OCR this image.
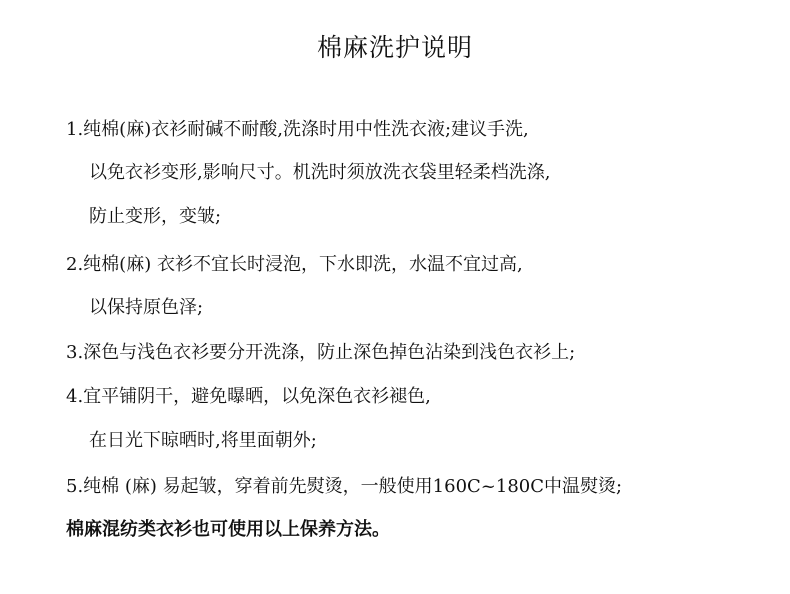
棉麻洗护说明
1.纯棉(麻)衣衫耐碱不耐酸,洗涤时用中性洗衣液;建议手洗,
以免衣衫变形,影响尺寸。机洗时须放洗衣袋里轻柔档洗涤,
防止变形，变皱;
2.纯棉(麻) 衣衫不宜长时浸泡，下水即洗，水温不宜过高,
以保持原色泽;
3.深色与浅色衣衫要分开洗涤，防止深色掉色沾染到浅色衣衫上;
4.宜平铺阴干，避免曝晒，以免深色衣衫褪色,
在日光下晾晒时,将里面朝外;
5.纯棉 (麻) 易起皱，穿着前先熨烫，一般使用160C~180C中温熨烫;
棉麻混纺类衣衫也可使用以上保养方法。
